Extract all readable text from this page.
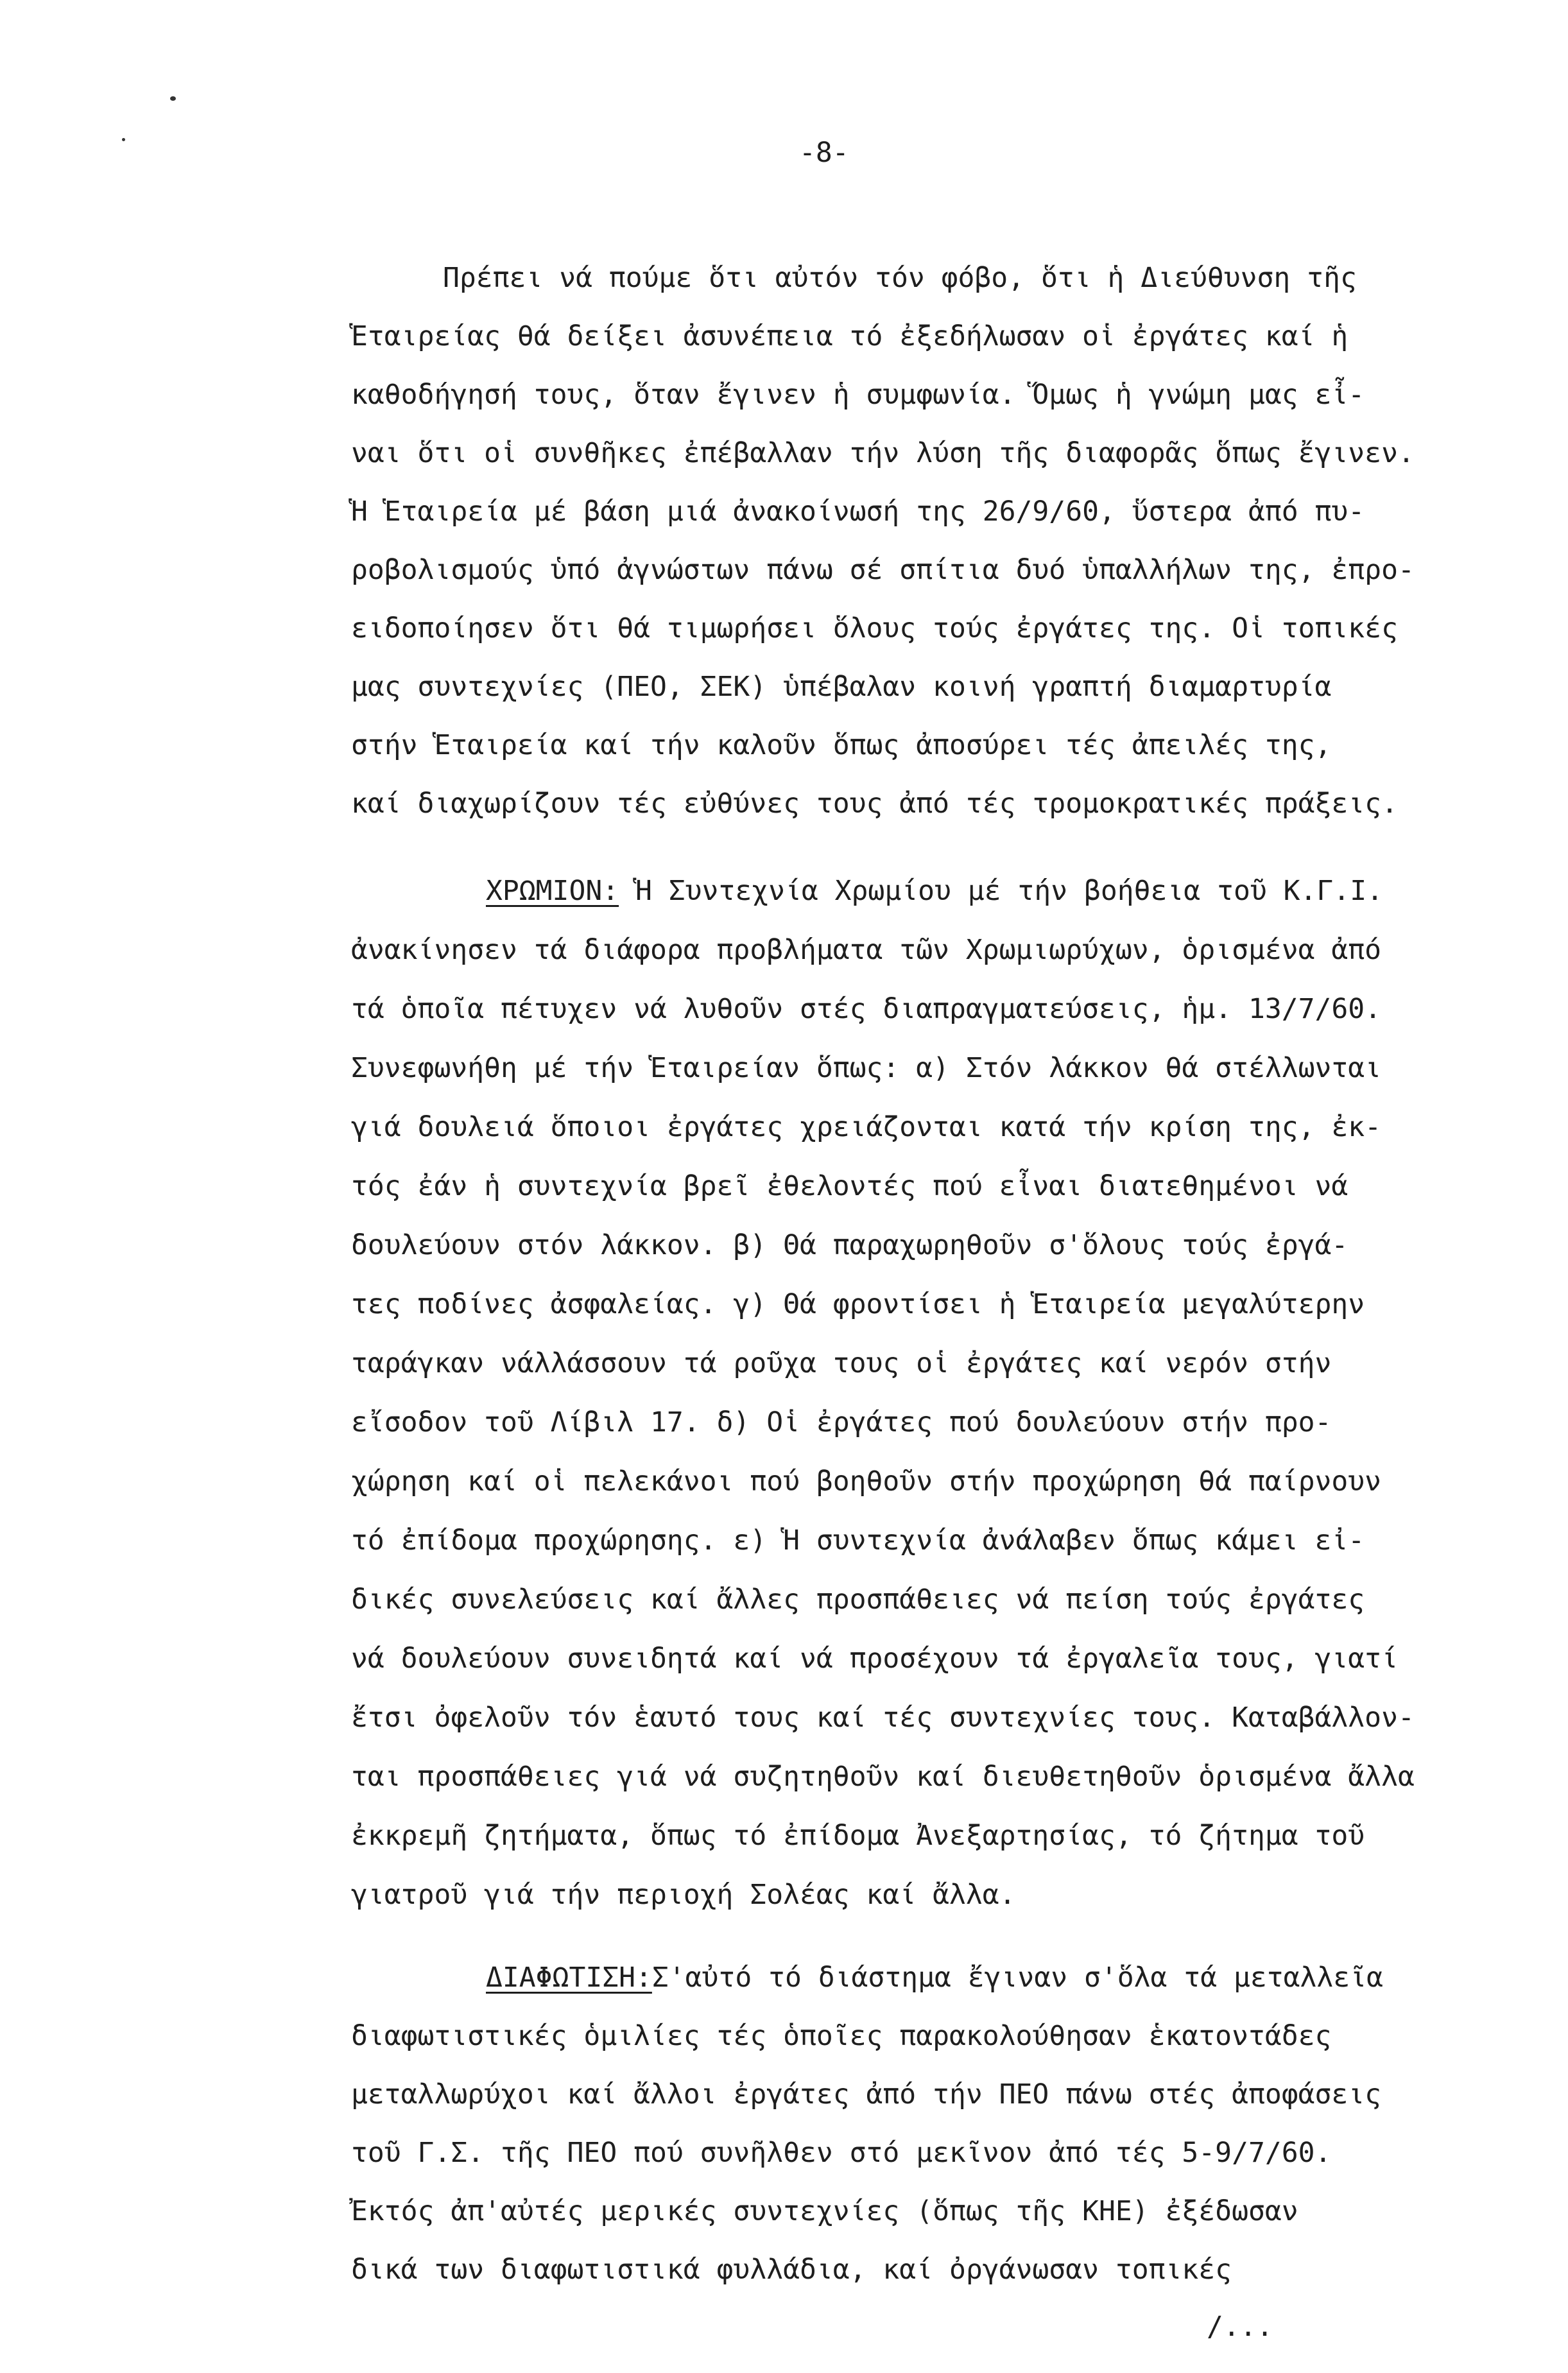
-8-
Πρέπει νά πούμε ὅτι αὐτόν τόν φόβο, ὅτι ἡ Διεύθυνση τῆς
Ἑταιρείας θά δείξει ἀσυνέπεια τό ἐξεδήλωσαν οἱ ἐργάτες καί ἡ
καθοδήγησή τους, ὅταν ἔγινεν ἡ συμφωνία. Ὅμως ἡ γνώμη μας εἶ-
ναι ὅτι οἱ συνθῆκες ἐπέβαλλαν τήν λύση τῆς διαφορᾶς ὅπως ἔγινεν.
Ἡ Ἑταιρεία μέ βάση μιά ἀνακοίνωσή της 26/9/60, ὕστερα ἀπό πυ-
ροβολισμούς ὑπό ἀγνώστων πάνω σέ σπίτια δυό ὑπαλλήλων της, ἐπρο-
ειδοποίησεν ὅτι θά τιμωρήσει ὅλους τούς ἐργάτες της. Οἱ τοπικές
μας συντεχνίες (ΠΕΟ, ΣΕΚ) ὑπέβαλαν κοινή γραπτή διαμαρτυρία
στήν Ἑταιρεία καί τήν καλοῦν ὅπως ἀποσύρει τές ἀπειλές της,
καί διαχωρίζουν τές εὐθύνες τους ἀπό τές τρομοκρατικές πράξεις.
ΧΡΩΜΙΟΝ: Ἡ Συντεχνία Χρωμίου μέ τήν βοήθεια τοῦ Κ.Γ.Ι.
ἀνακίνησεν τά διάφορα προβλήματα τῶν Χρωμιωρύχων, ὁρισμένα ἀπό
τά ὁποῖα πέτυχεν νά λυθοῦν στές διαπραγματεύσεις, ἡμ. 13/7/60.
Συνεφωνήθη μέ τήν Ἑταιρείαν ὅπως: α) Στόν λάκκον θά στέλλωνται
γιά δουλειά ὅποιοι ἐργάτες χρειάζονται κατά τήν κρίση της, ἐκ-
τός ἐάν ἡ συντεχνία βρεῖ ἐθελοντές πού εἶναι διατεθημένοι νά
δουλεύουν στόν λάκκον. β) Θά παραχωρηθοῦν σ'ὅλους τούς ἐργά-
τες ποδίνες ἀσφαλείας. γ) Θά φροντίσει ἡ Ἑταιρεία μεγαλύτερην
ταράγκαν νάλλάσσουν τά ροῦχα τους οἱ ἐργάτες καί νερόν στήν
εἴσοδον τοῦ Λίβιλ 17. δ) Οἱ ἐργάτες πού δουλεύουν στήν προ-
χώρηση καί οἱ πελεκάνοι πού βοηθοῦν στήν προχώρηση θά παίρνουν
τό ἐπίδομα προχώρησης. ε) Ἡ συντεχνία ἀνάλαβεν ὅπως κάμει εἰ-
δικές συνελεύσεις καί ἄλλες προσπάθειες νά πείση τούς ἐργάτες
νά δουλεύουν συνειδητά καί νά προσέχουν τά ἐργαλεῖα τους, γιατί
ἔτσι ὀφελοῦν τόν ἑαυτό τους καί τές συντεχνίες τους. Καταβάλλον-
ται προσπάθειες γιά νά συζητηθοῦν καί διευθετηθοῦν ὁρισμένα ἄλλα
ἐκκρεμῆ ζητήματα, ὅπως τό ἐπίδομα Ἀνεξαρτησίας, τό ζήτημα τοῦ
γιατροῦ γιά τήν περιοχή Σολέας καί ἄλλα.
ΔΙΑΦΩΤΙΣΗ:Σ'αὐτό τό διάστημα ἔγιναν σ'ὅλα τά μεταλλεῖα
διαφωτιστικές ὁμιλίες τές ὁποῖες παρακολούθησαν ἑκατοντάδες
μεταλλωρύχοι καί ἄλλοι ἐργάτες ἀπό τήν ΠΕΟ πάνω στές ἀποφάσεις
τοῦ Γ.Σ. τῆς ΠΕΟ πού συνῆλθεν στό μεκῖνον ἀπό τές 5-9/7/60.
Ἐκτός ἀπ'αὐτές μερικές συντεχνίες (ὅπως τῆς ΚΗΕ) ἐξέδωσαν
δικά των διαφωτιστικά φυλλάδια, καί ὀργάνωσαν τοπικές
/...
